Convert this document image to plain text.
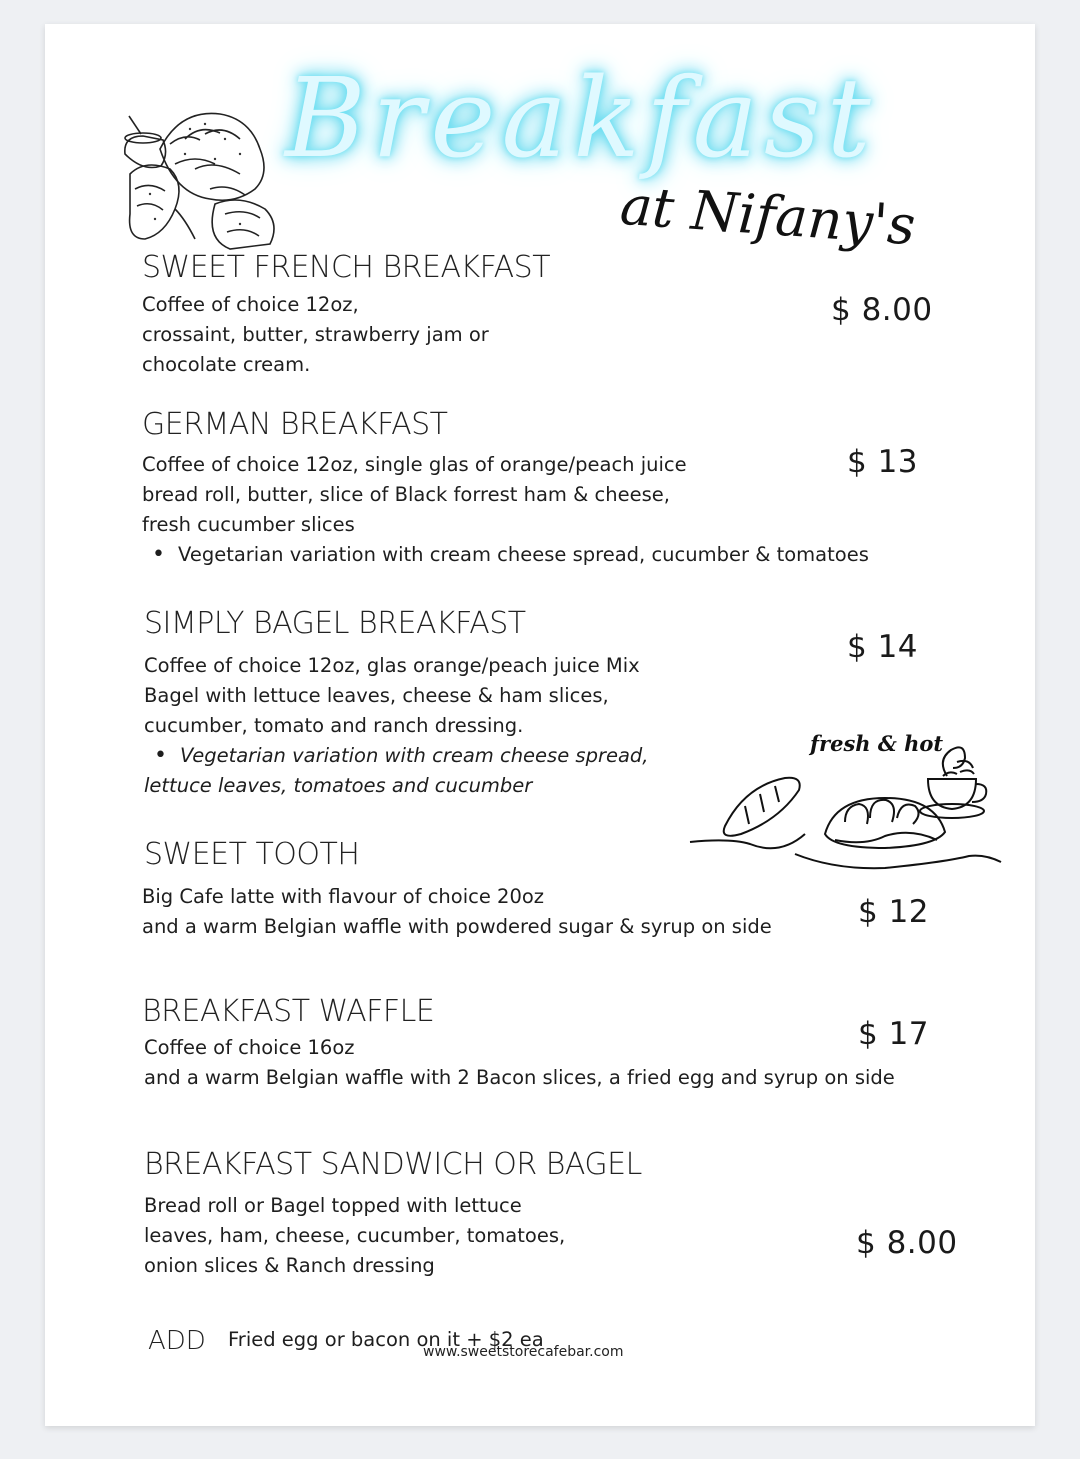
Breakfast
at Nifany's
SWEET FRENCH BREAKFAST
Coffee of choice 12oz,
crossaint, butter, strawberry jam or
chocolate cream.
$ 8.00
GERMAN BREAKFAST
Coffee of choice 12oz, single glas of orange/peach juice
bread roll, butter, slice of Black forrest ham & cheese,
fresh cucumber slices
• Vegetarian variation with cream cheese spread, cucumber & tomatoes
$ 13
SIMPLY BAGEL BREAKFAST
Coffee of choice 12oz, glas orange/peach juice Mix
Bagel with lettuce leaves, cheese & ham slices,
cucumber, tomato and ranch dressing.
• Vegetarian variation with cream cheese spread,
lettuce leaves, tomatoes and cucumber
$ 14
fresh & hot
SWEET TOOTH
Big Cafe latte with flavour of choice 20oz
and a warm Belgian waffle with powdered sugar & syrup on side	$ 12
BREAKFAST WAFFLE
Coffee of choice 16oz
and a warm Belgian waffle with 2 Bacon slices, a fried egg and syrup on side
$ 17
BREAKFAST SANDWICH OR BAGEL
Bread roll or Bagel topped with lettuce
leaves, ham, cheese, cucumber, tomatoes,
onion slices & Ranch dressing
$ 8.00
ADD Fried egg or bacon on it + $2 ea
www.sweetstorecafebar.com
